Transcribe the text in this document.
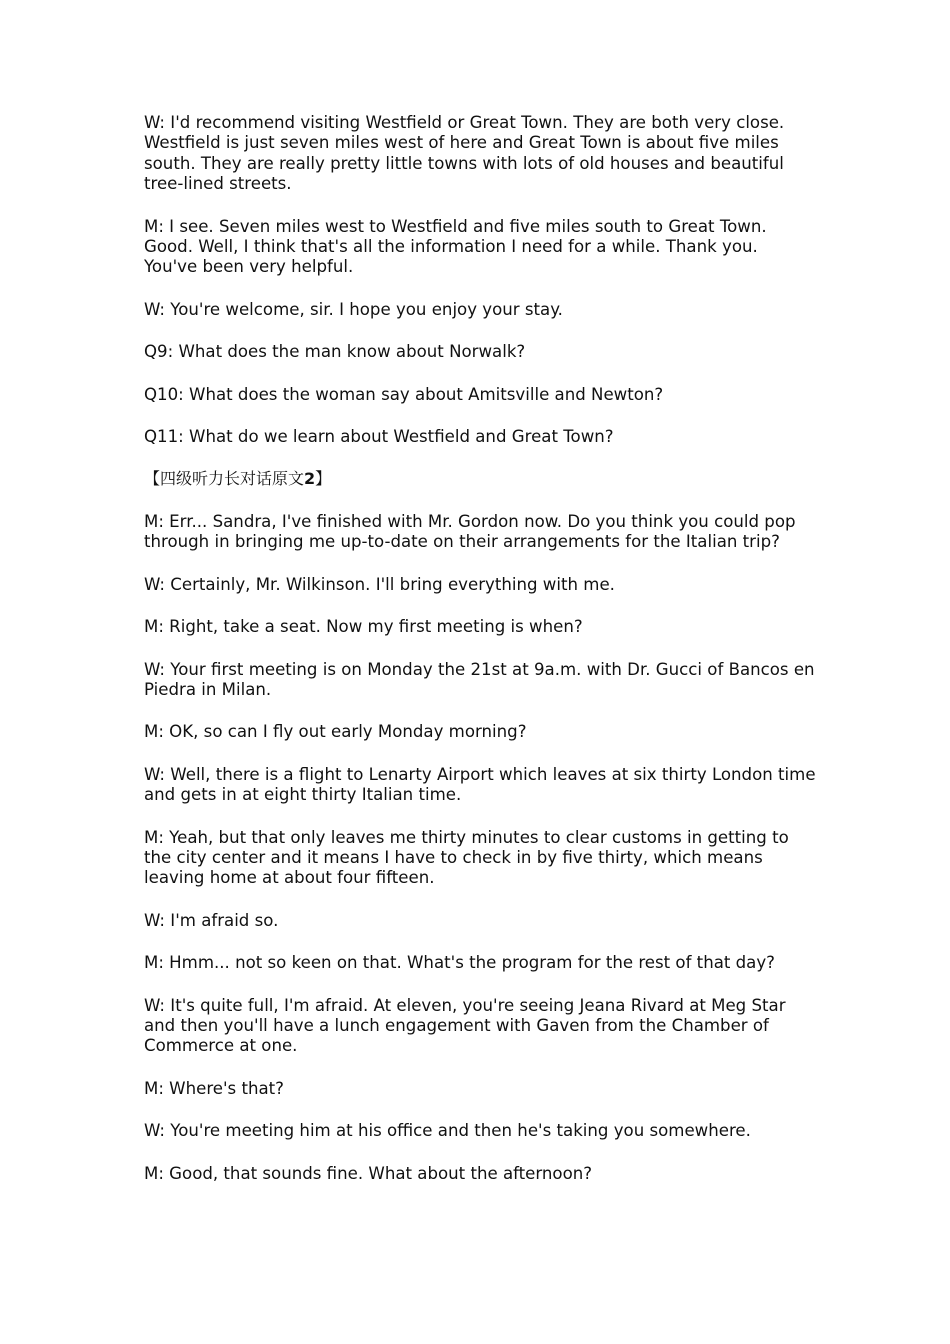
W: I'd recommend visiting Westfield or Great Town. They are both very close. Westfield is just seven miles west of here and Great Town is about five miles south. They are really pretty little towns with lots of old houses and beautiful tree-lined streets.

M: I see. Seven miles west to Westfield and five miles south to Great Town. Good. Well, I think that's all the information I need for a while. Thank you. You've been very helpful.

W: You're welcome, sir. I hope you enjoy your stay.

Q9: What does the man know about Norwalk?

Q10: What does the woman say about Amitsville and Newton?

Q11: What do we learn about Westfield and Great Town?

【四级听力长对话原文2】

M: Err... Sandra, I've finished with Mr. Gordon now. Do you think you could pop through in bringing me up-to-date on their arrangements for the Italian trip?

W: Certainly, Mr. Wilkinson. I'll bring everything with me.

M: Right, take a seat. Now my first meeting is when?

W: Your first meeting is on Monday the 21st at 9a.m. with Dr. Gucci of Bancos en Piedra in Milan.

M: OK, so can I fly out early Monday morning?

W: Well, there is a flight to Lenarty Airport which leaves at six thirty London time and gets in at eight thirty Italian time.

M: Yeah, but that only leaves me thirty minutes to clear customs in getting to the city center and it means I have to check in by five thirty, which means leaving home at about four fifteen.

W: I'm afraid so.

M: Hmm... not so keen on that. What's the program for the rest of that day?

W: It's quite full, I'm afraid. At eleven, you're seeing Jeana Rivard at Meg Star and then you'll have a lunch engagement with Gaven from the Chamber of Commerce at one.

M: Where's that?

W: You're meeting him at his office and then he's taking you somewhere.

M: Good, that sounds fine. What about the afternoon?
